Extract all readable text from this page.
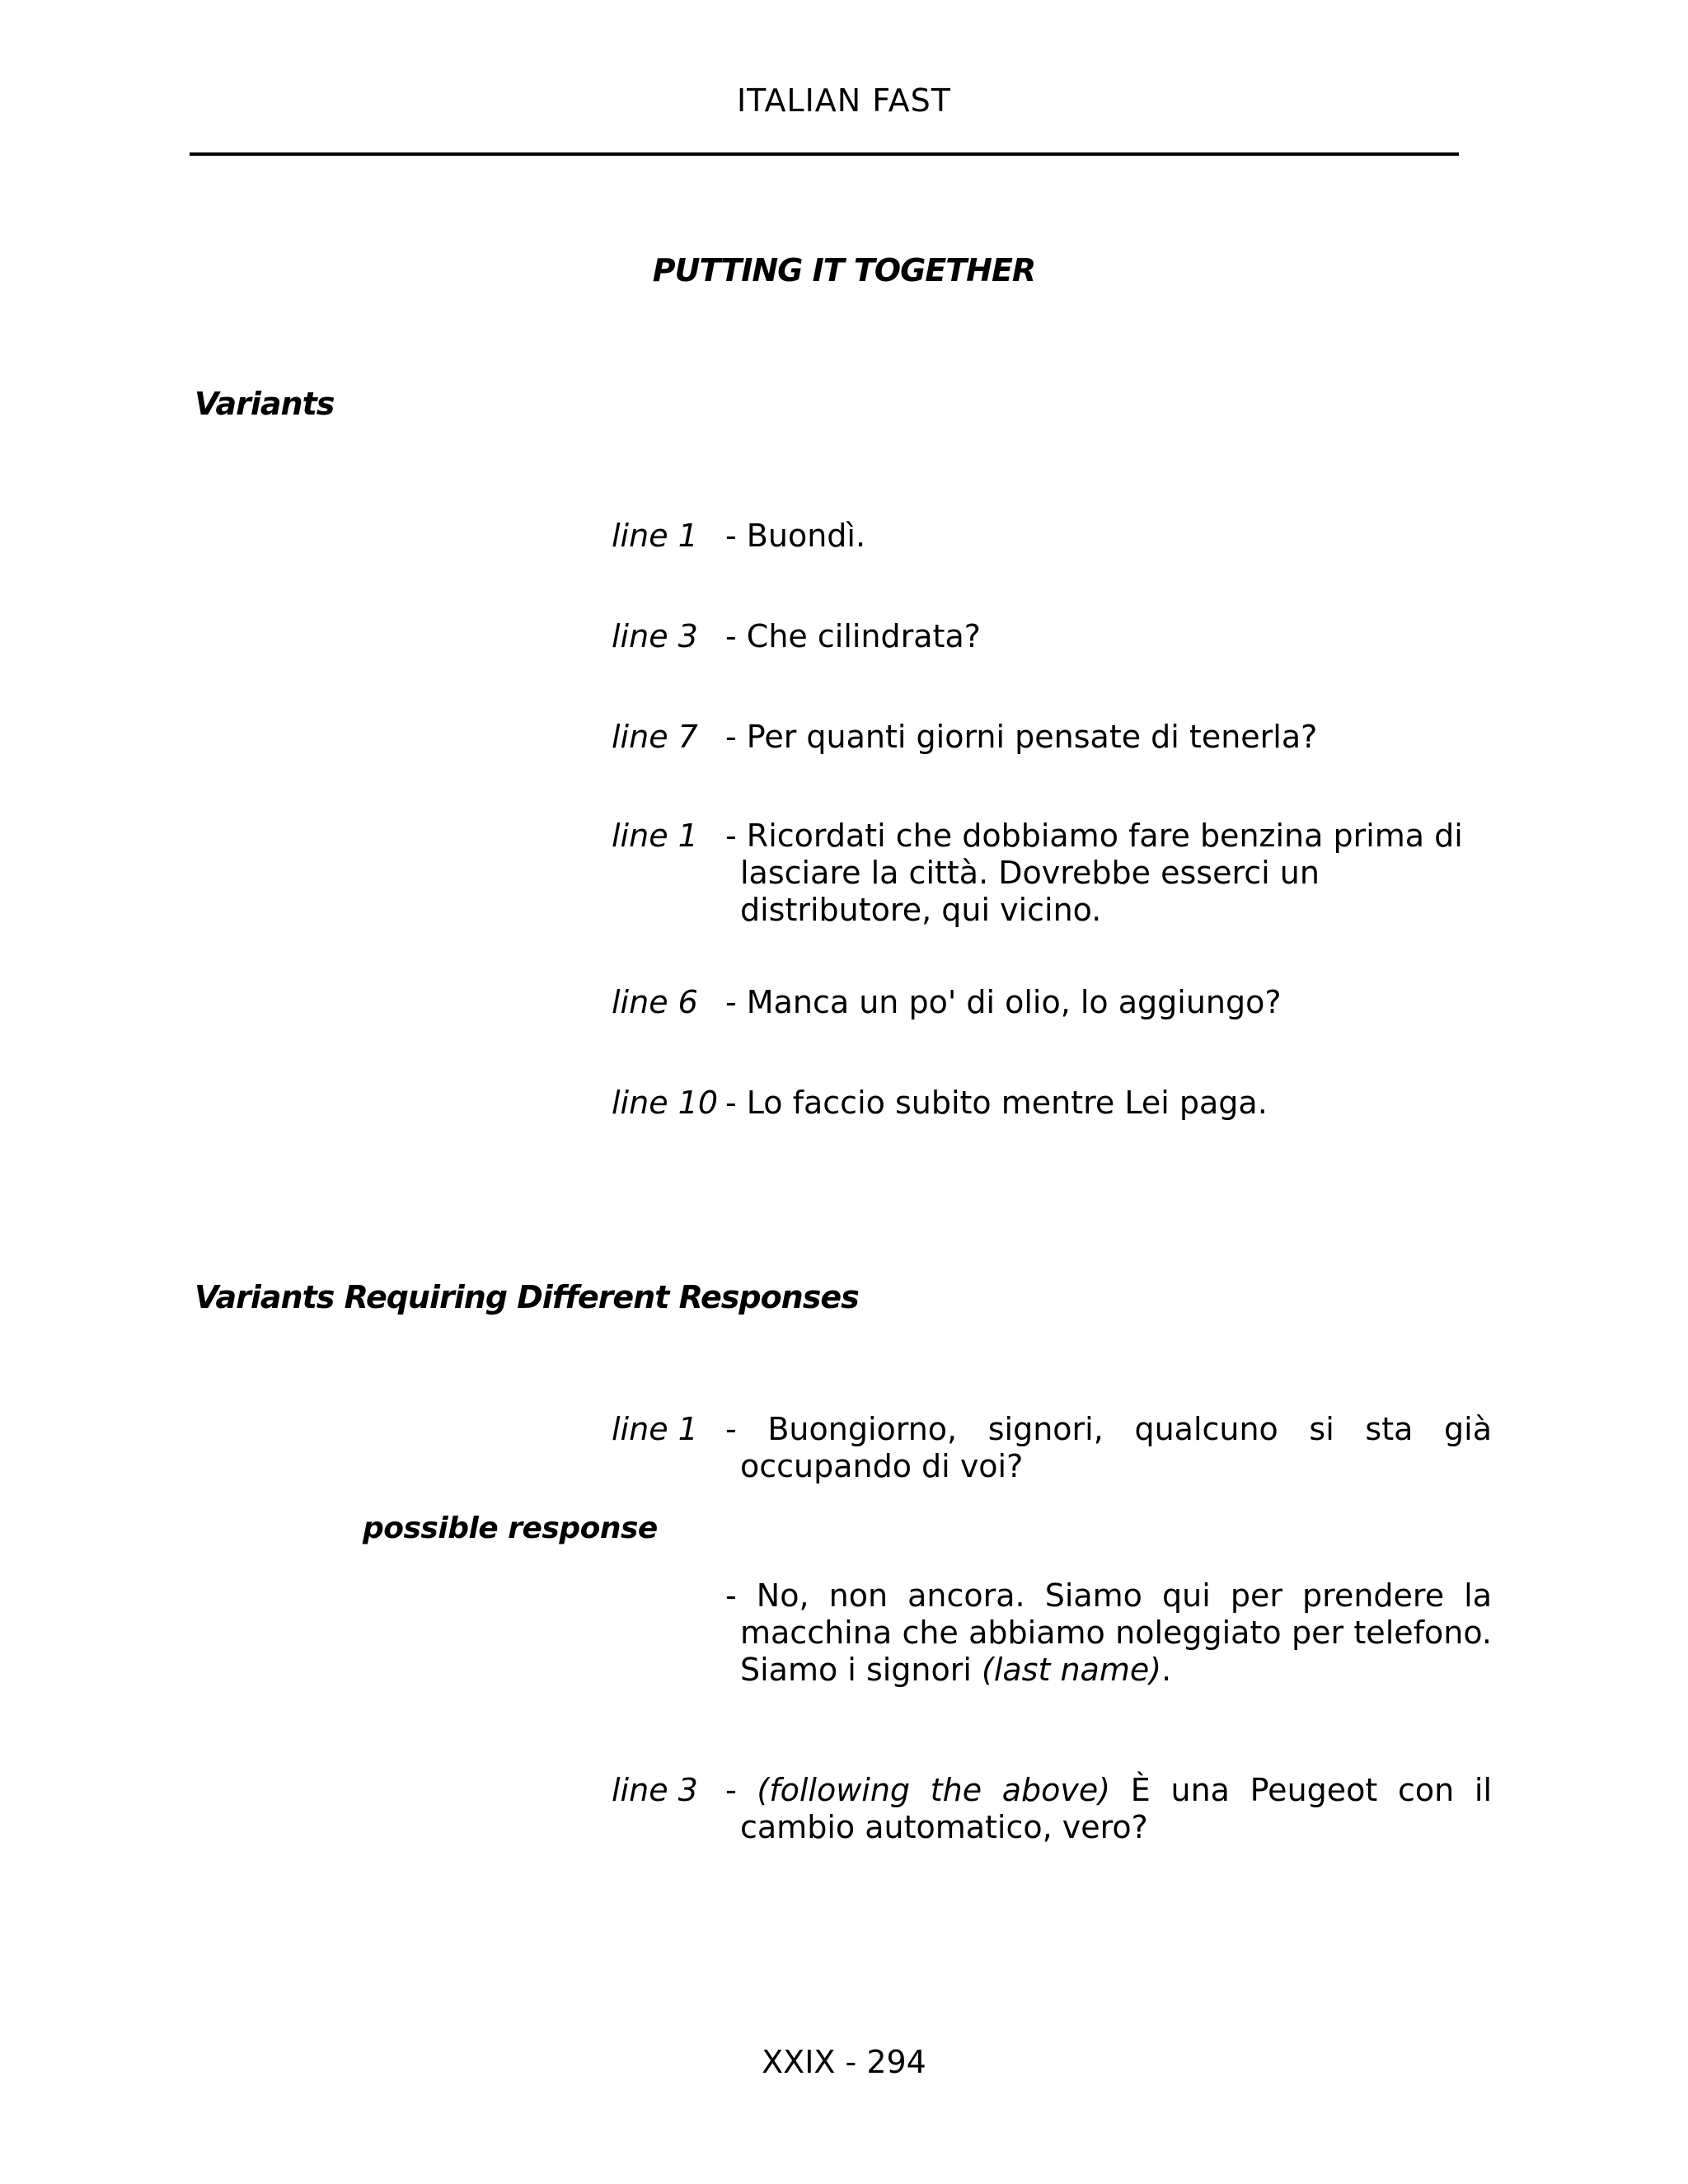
ITALIAN FAST
PUTTING IT TOGETHER
Variants
line 1 - Buondì.
line 3 - Che cilindrata?
line 7 - Per quanti giorni pensate di tenerla?
line 1 - Ricordati che dobbiamo fare benzina prima di lasciare la città. Dovrebbe esserci un distributore, qui vicino.
line 6 - Manca un po' di olio, lo aggiungo?
line 10 - Lo faccio subito mentre Lei paga.
Variants Requiring Different Responses
line 1 - Buongiorno, signori, qualcuno si sta già occupando di voi?
possible response
- No, non ancora. Siamo qui per prendere la macchina che abbiamo noleggiato per telefono. Siamo i signori (last name).
line 3 - (following the above) È una Peugeot con il cambio automatico, vero?
XXIX - 294
